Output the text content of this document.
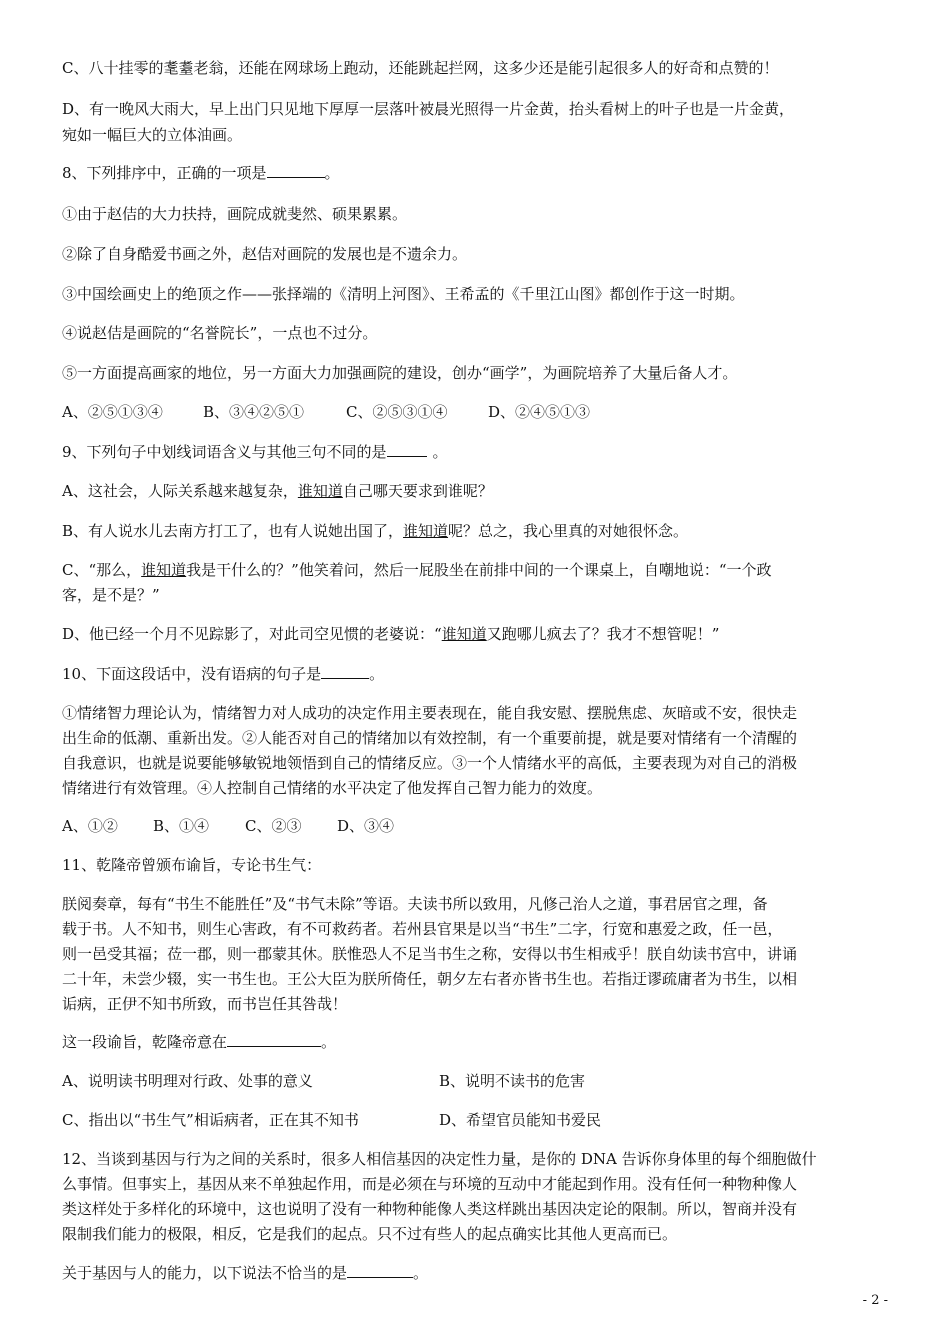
C、八十挂零的耄耋老翁，还能在网球场上跑动，还能跳起拦网，这多少还是能引起很多人的好奇和点赞的！

D、有一晚风大雨大，早上出门只见地下厚厚一层落叶被晨光照得一片金黄，抬头看树上的叶子也是一片金黄，

宛如一幅巨大的立体油画。

8、下列排序中，正确的一项是	。

①由于赵佶的大力扶持，画院成就斐然、硕果累累。

②除了自身酷爱书画之外，赵佶对画院的发展也是不遗余力。

③中国绘画史上的绝顶之作——张择端的《清明上河图》、王希孟的《千里江山图》都创作于这一时期。

④说赵佶是画院的“名誉院长”，一点也不过分。

⑤一方面提高画家的地位，另一方面大力加强画院的建设，创办“画学”，为画院培养了大量后备人才。

A、②⑤①③④	B、③④②⑤①	C、②⑤③①④	D、②④⑤①③

9、下列句子中划线词语含义与其他三句不同的是	。

A、这社会，人际关系越来越复杂，谁知道自己哪天要求到谁呢？

B、有人说水儿去南方打工了，也有人说她出国了，谁知道呢？总之，我心里真的对她很怀念。

C、“那么，谁知道我是干什么的？”他笑着问，然后一屁股坐在前排中间的一个课桌上，自嘲地说：“一个政

客，是不是？”

D、他已经一个月不见踪影了，对此司空见惯的老婆说：“谁知道又跑哪儿疯去了？我才不想管呢！”

10、下面这段话中，没有语病的句子是	。

①情绪智力理论认为，情绪智力对人成功的决定作用主要表现在，能自我安慰、摆脱焦虑、灰暗或不安，很快走

出生命的低潮、重新出发。②人能否对自己的情绪加以有效控制，有一个重要前提，就是要对情绪有一个清醒的

自我意识，也就是说要能够敏锐地领悟到自己的情绪反应。③一个人情绪水平的高低，主要表现为对自己的消极

情绪进行有效管理。④人控制自己情绪的水平决定了他发挥自己智力能力的效度。

A、①② B、①④ C、②③ D、③④

11、乾隆帝曾颁布谕旨，专论书生气：

朕阅奏章，每有“书生不能胜任”及“书气未除”等语。夫读书所以致用，凡修己治人之道，事君居官之理，备

载于书。人不知书，则生心害政，有不可救药者。若州县官果是以当“书生”二字，行宽和惠爱之政，任一邑，

则一邑受其福；莅一郡，则一郡蒙其休。朕惟恐人不足当书生之称，安得以书生相戒乎！朕自幼读书宫中，讲诵

二十年，未尝少辍，实一书生也。王公大臣为朕所倚任，朝夕左右者亦皆书生也。若指迂谬疏庸者为书生，以相

诟病，正伊不知书所致，而书岂任其咎哉！

这一段谕旨，乾隆帝意在	。

A、说明读书明理对行政、处事的意义	B、说明不读书的危害

C、指出以“书生气”相诟病者，正在其不知书	D、希望官员能知书爱民

12、当谈到基因与行为之间的关系时，很多人相信基因的决定性力量，是你的 DNA 告诉你身体里的每个细胞做什

么事情。但事实上，基因从来不单独起作用，而是必须在与环境的互动中才能起到作用。没有任何一种物种像人

类这样处于多样化的环境中，这也说明了没有一种物种能像人类这样跳出基因决定论的限制。所以，智商并没有

限制我们能力的极限，相反，它是我们的起点。只不过有些人的起点确实比其他人更高而已。

关于基因与人的能力，以下说法不恰当的是	。

- 2 -
